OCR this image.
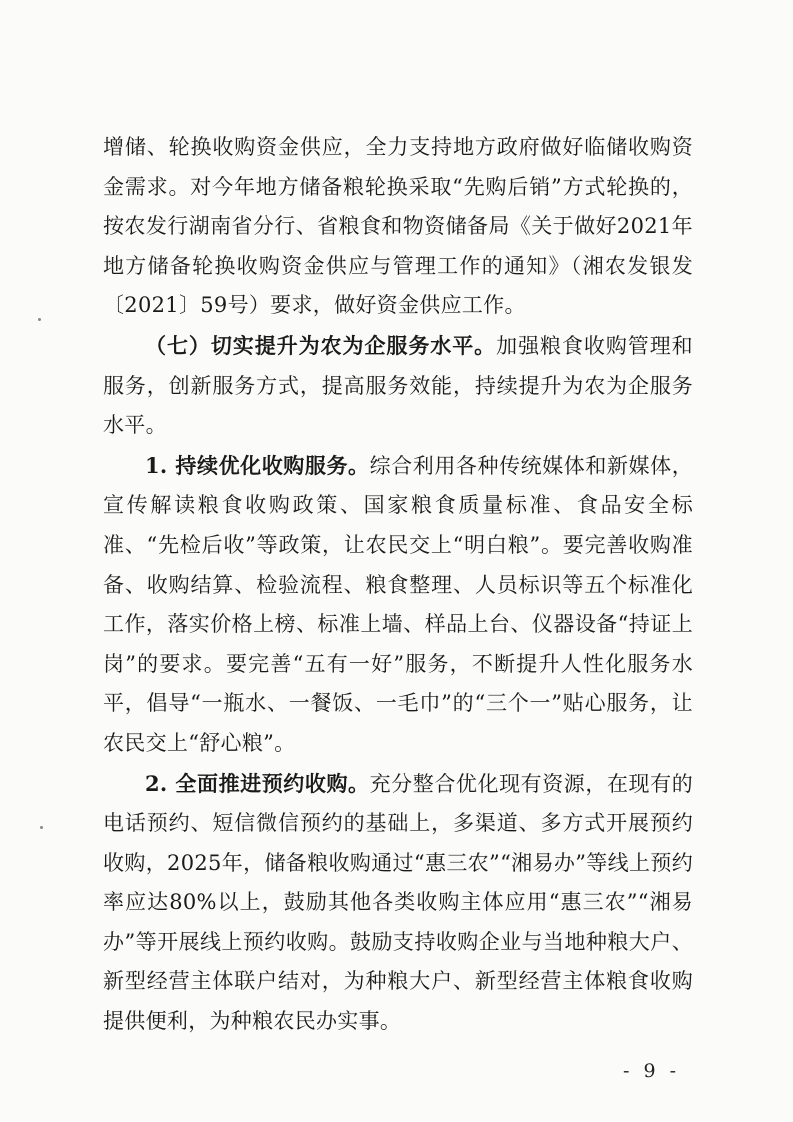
增储、轮换收购资金供应，全力支持地方政府做好临储收购资金需求。对今年地方储备粮轮换采取“先购后销”方式轮换的，按农发行湖南省分行、省粮食和物资储备局《关于做好2021年地方储备轮换收购资金供应与管理工作的通知》（湘农发银发〔2021〕59号）要求，做好资金供应工作。

（七）切实提升为农为企服务水平。加强粮食收购管理和服务，创新服务方式，提高服务效能，持续提升为农为企服务水平。

1. 持续优化收购服务。综合利用各种传统媒体和新媒体，宣传解读粮食收购政策、国家粮食质量标准、食品安全标准、“先检后收”等政策，让农民交上“明白粮”。要完善收购准备、收购结算、检验流程、粮食整理、人员标识等五个标准化工作，落实价格上榜、标准上墙、样品上台、仪器设备“持证上岗”的要求。要完善“五有一好”服务，不断提升人性化服务水平，倡导“一瓶水、一餐饭、一毛巾”的“三个一”贴心服务，让农民交上“舒心粮”。

2. 全面推进预约收购。充分整合优化现有资源，在现有的电话预约、短信微信预约的基础上，多渠道、多方式开展预约收购，2025年，储备粮收购通过“惠三农”“湘易办”等线上预约率应达80%以上，鼓励其他各类收购主体应用“惠三农”“湘易办”等开展线上预约收购。鼓励支持收购企业与当地种粮大户、新型经营主体联户结对，为种粮大户、新型经营主体粮食收购提供便利，为种粮农民办实事。

- 9 -
